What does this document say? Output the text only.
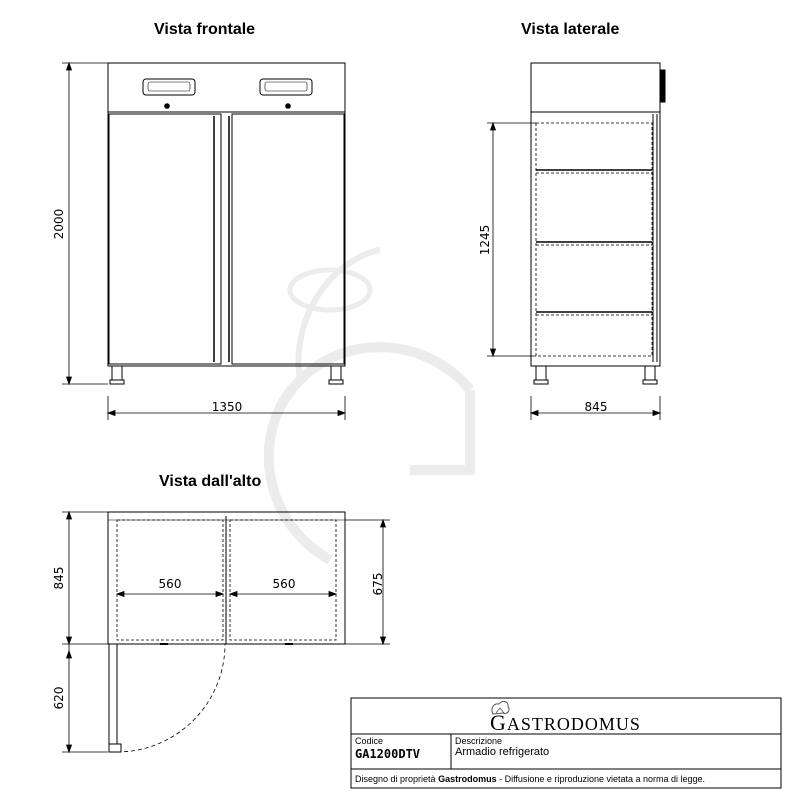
Vista frontale	Vista laterale
Vista dall'alto
2000
1350
1245
845
845
620
675
560	560
GASTRODOMUS
Codice
GA1200DTV
Descrizione
Armadio refrigerato
Disegno di proprietà Gastrodomus - Diffusione e riproduzione vietata a norma di legge.
